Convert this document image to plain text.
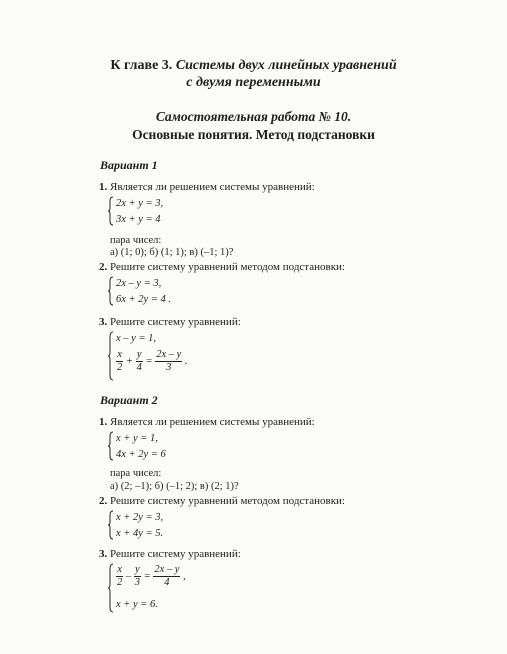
К главе 3. Системы двух линейных уравнений
с двумя переменными
Самостоятельная работа № 10.
Основные понятия. Метод подстановки
Вариант 1
1. Является ли решением системы уравнений:
2x + y = 3,
3x + y = 4
пара чисел:
а) (1; 0); б) (1; 1); в) (–1; 1)?
2. Решите систему уравнений методом подстановки:
2x – y = 3,
6x + 2y = 4 .
3. Решите систему уравнений:
x – y = 1,
$\frac{x}{2} + \frac{y}{4} = \frac{2x - y}{3}$ .
Вариант 2
1. Является ли решением системы уравнений:
x + y = 1,
4x + 2y = 6
пара чисел:
а) (2; –1); б) (–1; 2); в) (2; 1)?
2. Решите систему уравнений методом подстановки:
x + 2y = 3,
x + 4y = 5.
3. Решите систему уравнений:
$\frac{x}{2} - \frac{y}{3} = \frac{2x - y}{4}$ ,
x + y = 6.
